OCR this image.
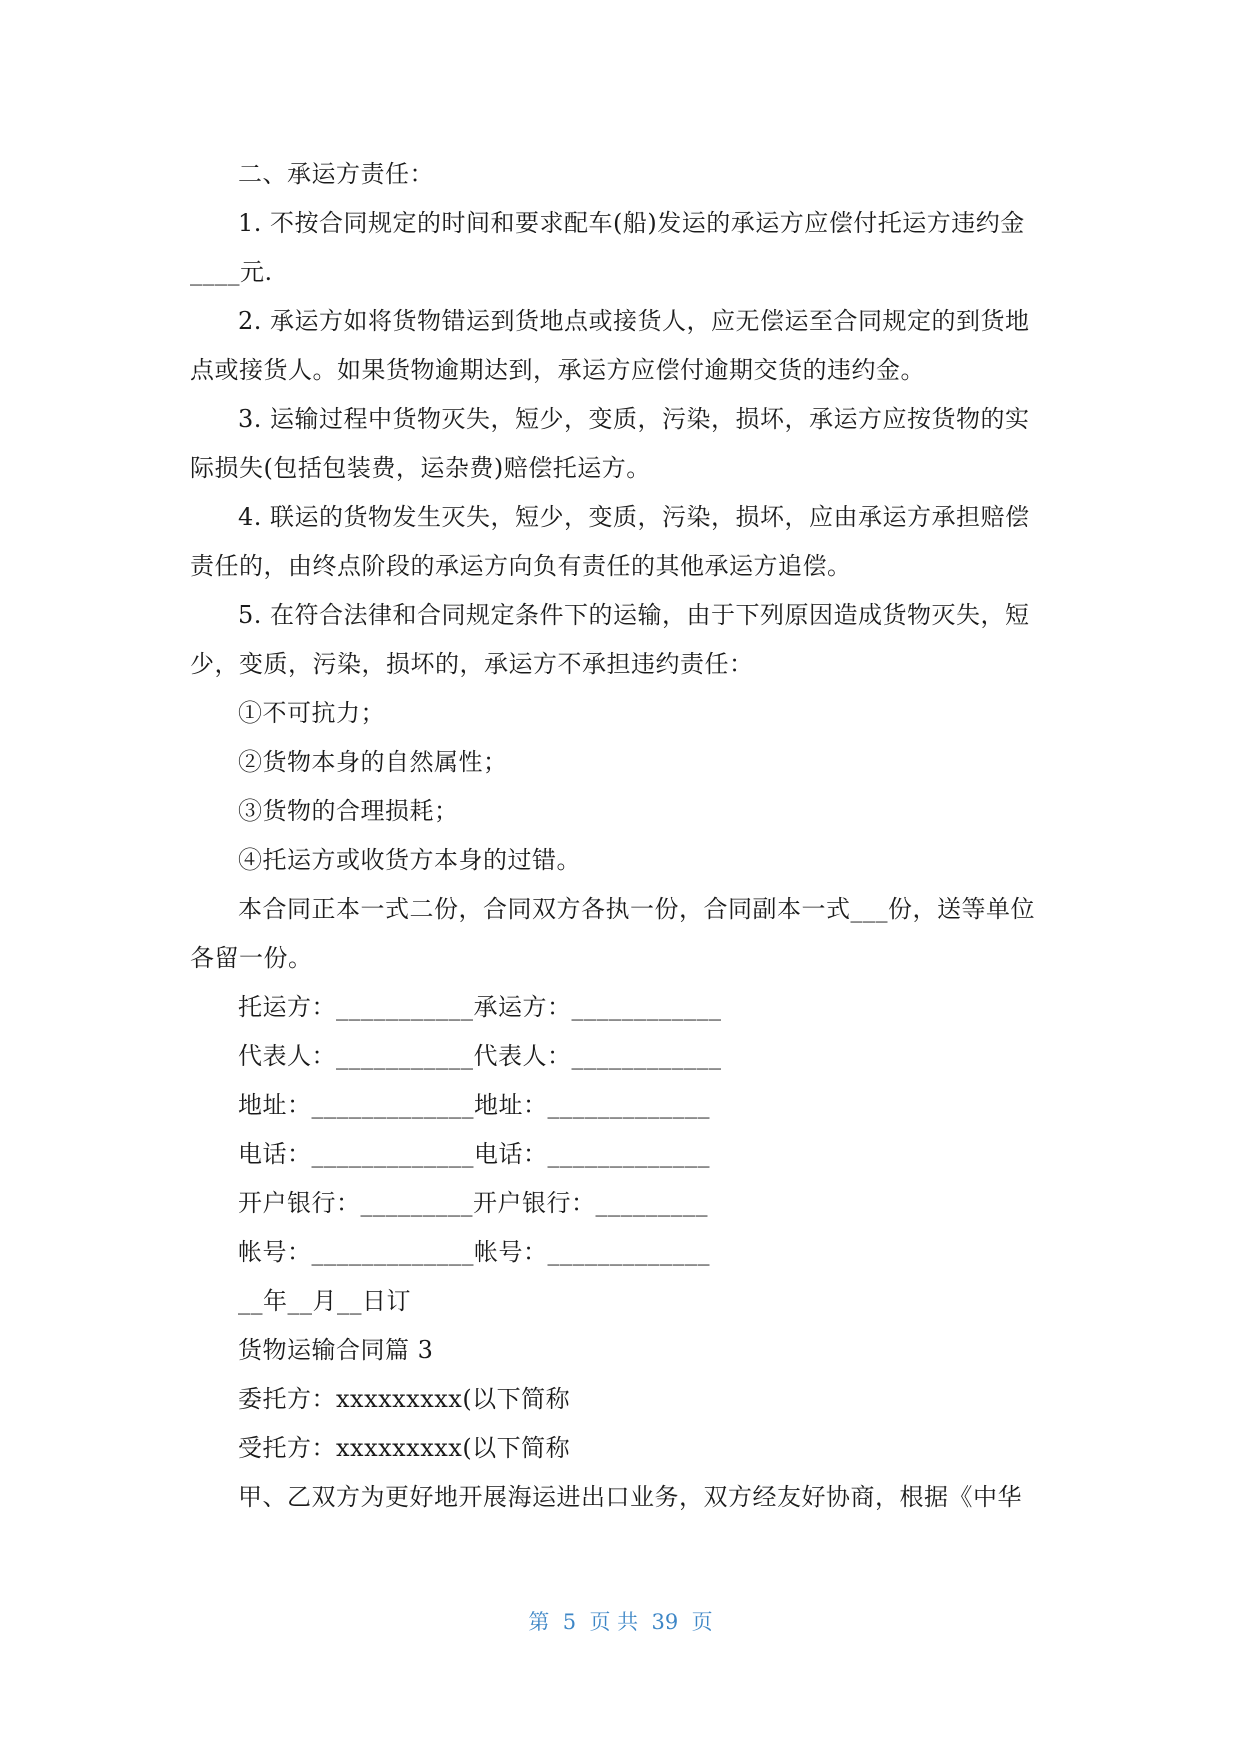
二、承运方责任：
1. 不按合同规定的时间和要求配车(船)发运的承运方应偿付托运方违约金
____元.
2. 承运方如将货物错运到货地点或接货人，应无偿运至合同规定的到货地
点或接货人。如果货物逾期达到，承运方应偿付逾期交货的违约金。
3. 运输过程中货物灭失，短少，变质，污染，损坏，承运方应按货物的实
际损失(包括包装费，运杂费)赔偿托运方。
4. 联运的货物发生灭失，短少，变质，污染，损坏，应由承运方承担赔偿
责任的，由终点阶段的承运方向负有责任的其他承运方追偿。
5. 在符合法律和合同规定条件下的运输，由于下列原因造成货物灭失，短
少，变质，污染，损坏的，承运方不承担违约责任：
①不可抗力；
②货物本身的自然属性；
③货物的合理损耗；
④托运方或收货方本身的过错。
本合同正本一式二份，合同双方各执一份，合同副本一式___份，送等单位
各留一份。
托运方：___________承运方：____________
代表人：___________代表人：____________
地址：_____________地址：_____________
电话：_____________电话：_____________
开户银行：_________开户银行：_________
帐号：_____________帐号：_____________
__年__月__日订
货物运输合同篇 3
委托方：xxxxxxxxx(以下简称
受托方：xxxxxxxxx(以下简称
甲、乙双方为更好地开展海运进出口业务，双方经友好协商，根据《中华
第  5  页 共  39  页
